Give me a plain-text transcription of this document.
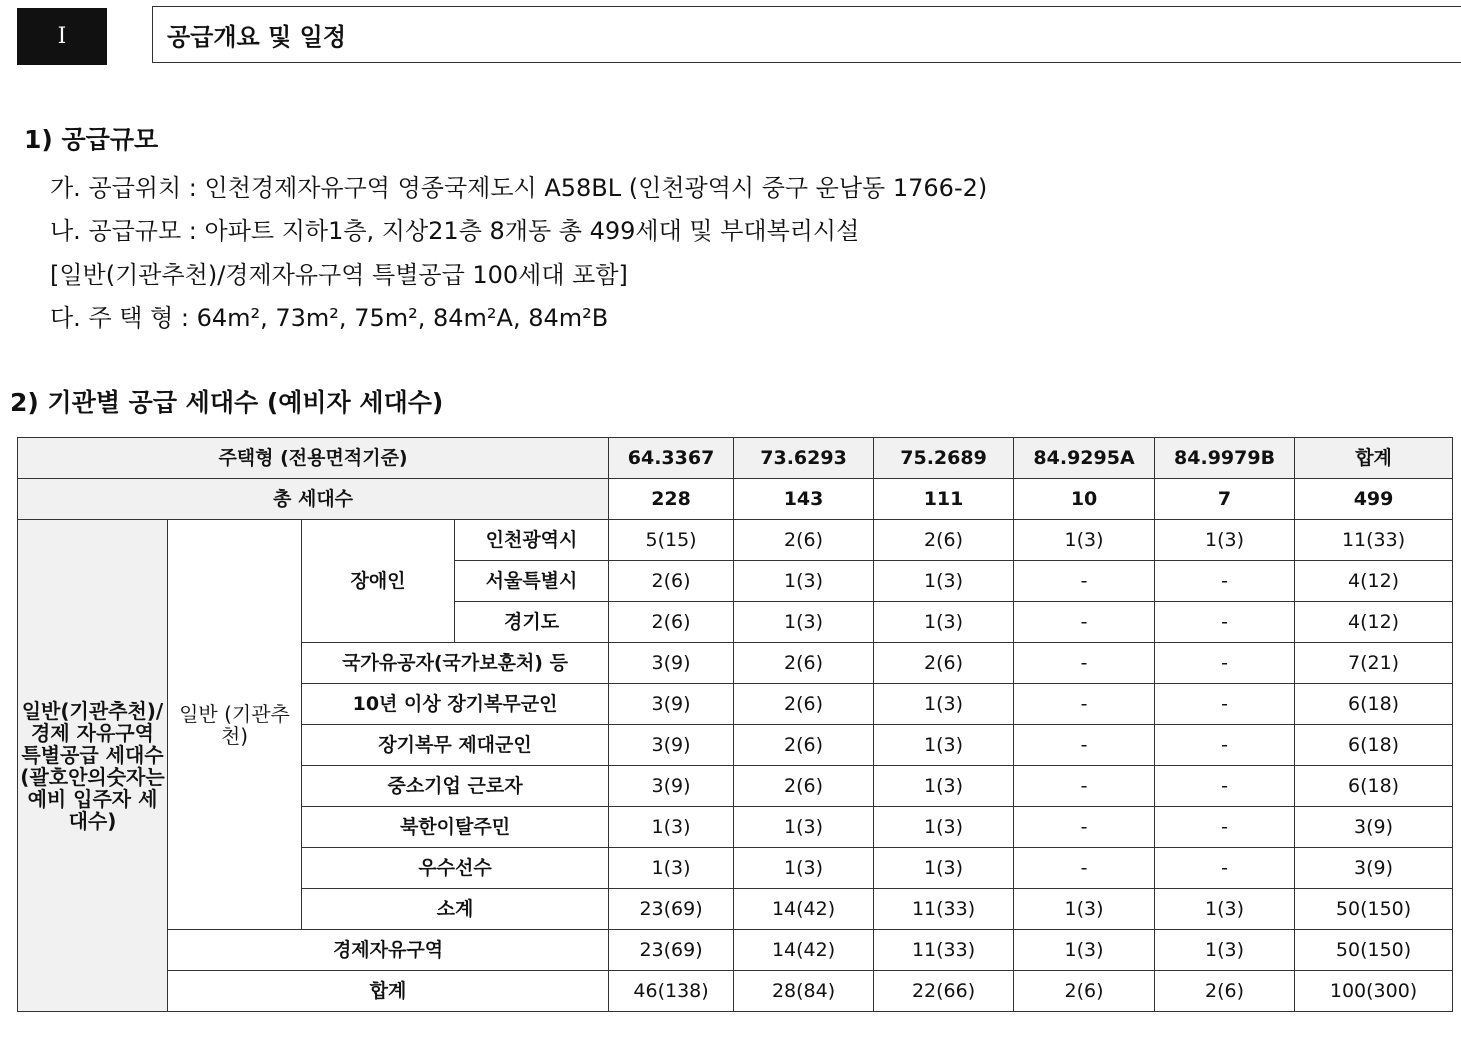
I	공급개요 및 일정
1) 공급규모
가. 공급위치 : 인천경제자유구역 영종국제도시 A58BL (인천광역시 중구 운남동 1766-2)
나. 공급규모 : 아파트 지하1층, 지상21층 8개동 총 499세대 및 부대복리시설
[일반(기관추천)/경제자유구역 특별공급 100세대 포함]
다. 주 택 형 : 64m², 73m², 75m², 84m²A, 84m²B
2) 기관별 공급 세대수 (예비자 세대수)
주택형 (전용면적기준)				64.3367	73.6293	75.2689	84.9295A	84.9979B	합계
총 세대수				228	143	111	10	7	499
일반(기관추천)/경제 자유구역 특별공급 세대수 (괄호안의숫자는 예비 입주자 세대수)	일반 (기관추천)	장애인	인천광역시	5(15)	2(6)	2(6)	1(3)	1(3)	11(33)
			서울특별시	2(6)	1(3)	1(3)	-	-	4(12)
			경기도	2(6)	1(3)	1(3)	-	-	4(12)
		국가유공자(국가보훈처) 등		3(9)	2(6)	2(6)	-	-	7(21)
		10년 이상 장기복무군인		3(9)	2(6)	1(3)	-	-	6(18)
		장기복무 제대군인		3(9)	2(6)	1(3)	-	-	6(18)
		중소기업 근로자		3(9)	2(6)	1(3)	-	-	6(18)
		북한이탈주민		1(3)	1(3)	1(3)	-	-	3(9)
		우수선수		1(3)	1(3)	1(3)	-	-	3(9)
		소계		23(69)	14(42)	11(33)	1(3)	1(3)	50(150)
	경제자유구역			23(69)	14(42)	11(33)	1(3)	1(3)	50(150)
	합계			46(138)	28(84)	22(66)	2(6)	2(6)	100(300)
